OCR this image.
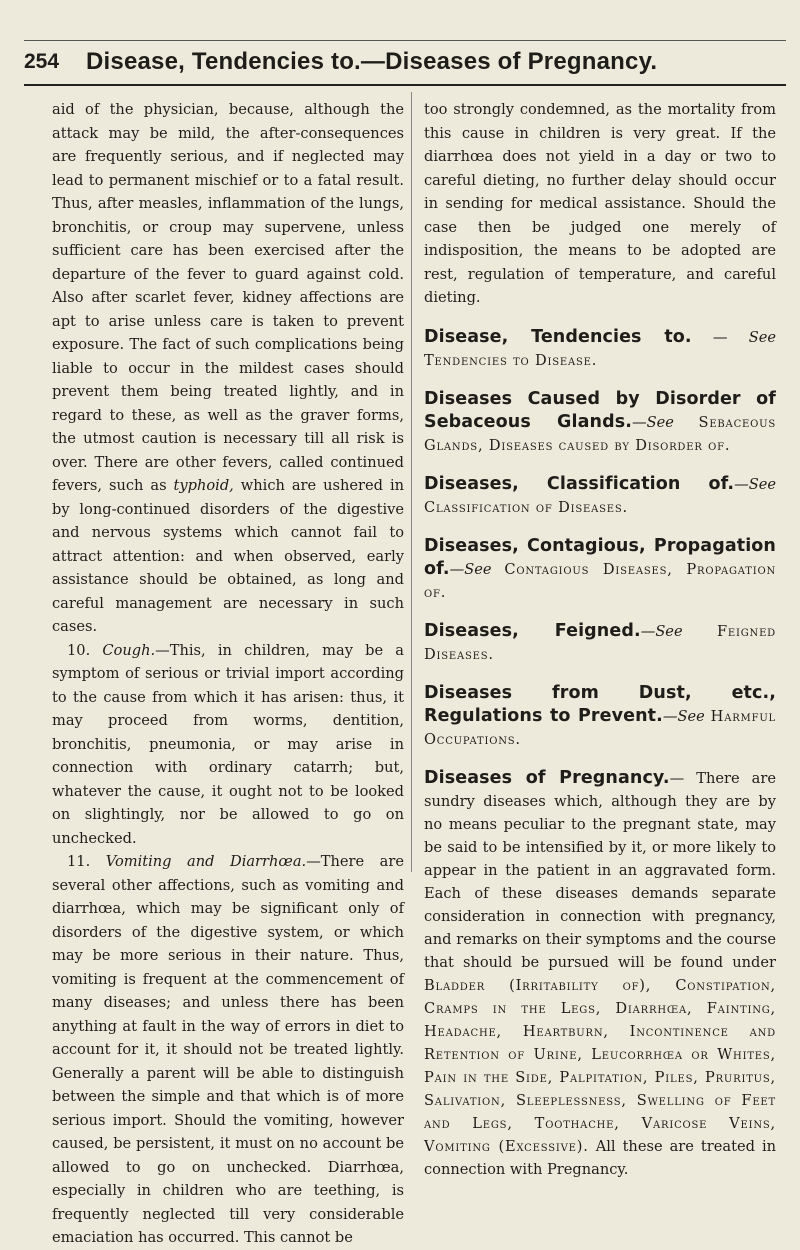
254	Disease, Tendencies to.—Diseases of Pregnancy.

aid of the physician, because, although the attack may be mild, the after-consequences are frequently serious, and if neglected may lead to permanent mischief or to a fatal result. Thus, after measles, inflammation of the lungs, bronchitis, or croup may supervene, unless sufficient care has been exercised after the departure of the fever to guard against cold. Also after scarlet fever, kidney affections are apt to arise unless care is taken to prevent exposure. The fact of such complications being liable to occur in the mildest cases should prevent them being treated lightly, and in regard to these, as well as the graver forms, the utmost caution is necessary till all risk is over. There are other fevers, called continued fevers, such as typhoid, which are ushered in by long-continued disorders of the digestive and nervous systems which cannot fail to attract attention: and when observed, early assistance should be obtained, as long and careful management are necessary in such cases.

10. Cough.—This, in children, may be a symptom of serious or trivial import according to the cause from which it has arisen: thus, it may proceed from worms, dentition, bronchitis, pneumonia, or may arise in connection with ordinary catarrh; but, whatever the cause, it ought not to be looked on slightingly, nor be allowed to go on unchecked.

11. Vomiting and Diarrhœa.—There are several other affections, such as vomiting and diarrhœa, which may be significant only of disorders of the digestive system, or which may be more serious in their nature. Thus, vomiting is frequent at the commencement of many diseases; and unless there has been anything at fault in the way of errors in diet to account for it, it should not be treated lightly. Generally a parent will be able to distinguish between the simple and that which is of more serious import. Should the vomiting, however caused, be persistent, it must on no account be allowed to go on unchecked. Diarrhœa, especially in children who are teething, is frequently neglected till very considerable emaciation has occurred. This cannot be

too strongly condemned, as the mortality from this cause in children is very great. If the diarrhœa does not yield in a day or two to careful dieting, no further delay should occur in sending for medical assistance. Should the case then be judged one merely of indisposition, the means to be adopted are rest, regulation of temperature, and careful dieting.

Disease, Tendencies to. — See Tendencies to Disease.

Diseases Caused by Disorder of Sebaceous Glands.—See Sebaceous Glands, Diseases caused by Disorder of.

Diseases, Classification of.—See Classification of Diseases.

Diseases, Contagious, Propagation of.—See Contagious Diseases, Propagation of.

Diseases, Feigned.—See Feigned Diseases.

Diseases from Dust, etc., Regulations to Prevent.—See Harmful Occupations.

Diseases of Pregnancy.— There are sundry diseases which, although they are by no means peculiar to the pregnant state, may be said to be intensified by it, or more likely to appear in the patient in an aggravated form. Each of these diseases demands separate consideration in connection with pregnancy, and remarks on their symptoms and the course that should be pursued will be found under Bladder (Irritability of), Constipation, Cramps in the Legs, Diarrhœa, Fainting, Headache, Heartburn, Incontinence and Retention of Urine, Leucorrhœa or Whites, Pain in the Side, Palpitation, Piles, Pruritus, Salivation, Sleeplessness, Swelling of Feet and Legs, Toothache, Varicose Veins, Vomiting (Excessive). All these are treated in connection with Pregnancy.
